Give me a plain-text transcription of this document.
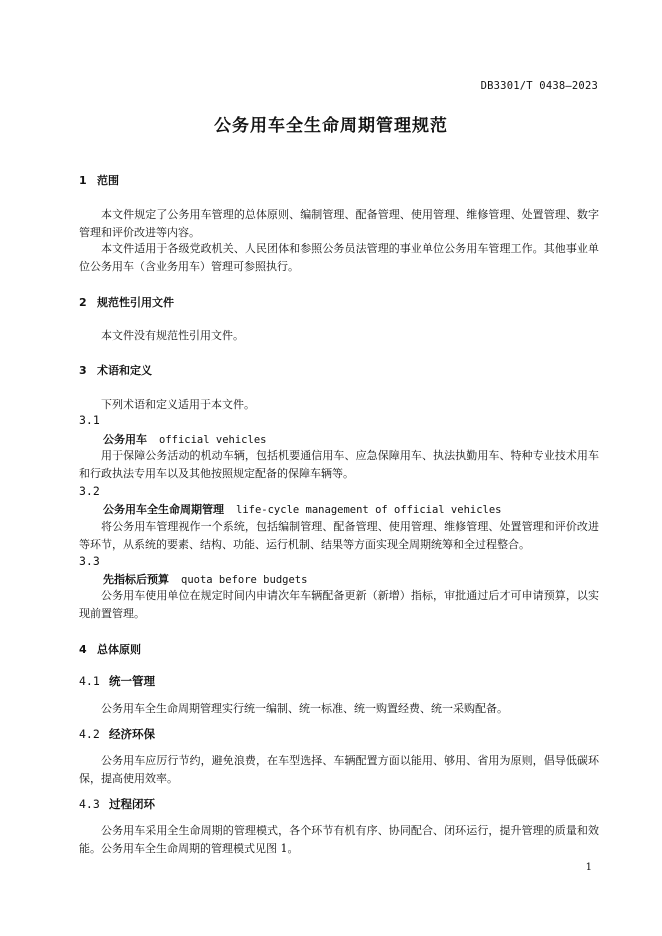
DB3301/T 0438—2023
公务用车全生命周期管理规范
1 范围
本文件规定了公务用车管理的总体原则、编制管理、配备管理、使用管理、维修管理、处置管理、数字管理和评价改进等内容。
本文件适用于各级党政机关、人民团体和参照公务员法管理的事业单位公务用车管理工作。其他事业单位公务用车（含业务用车）管理可参照执行。
2 规范性引用文件
本文件没有规范性引用文件。
3 术语和定义
下列术语和定义适用于本文件。
3.1
公务用车 official vehicles
用于保障公务活动的机动车辆，包括机要通信用车、应急保障用车、执法执勤用车、特种专业技术用车和行政执法专用车以及其他按照规定配备的保障车辆等。
3.2
公务用车全生命周期管理 life-cycle management of official vehicles
将公务用车管理视作一个系统，包括编制管理、配备管理、使用管理、维修管理、处置管理和评价改进等环节，从系统的要素、结构、功能、运行机制、结果等方面实现全周期统筹和全过程整合。
3.3
先指标后预算 quota before budgets
公务用车使用单位在规定时间内申请次年车辆配备更新（新增）指标，审批通过后才可申请预算，以实现前置管理。
4 总体原则
4.1 统一管理
公务用车全生命周期管理实行统一编制、统一标准、统一购置经费、统一采购配备。
4.2 经济环保
公务用车应厉行节约，避免浪费，在车型选择、车辆配置方面以能用、够用、省用为原则，倡导低碳环保，提高使用效率。
4.3 过程闭环
公务用车采用全生命周期的管理模式，各个环节有机有序、协同配合、闭环运行，提升管理的质量和效能。公务用车全生命周期的管理模式见图 1。
1
